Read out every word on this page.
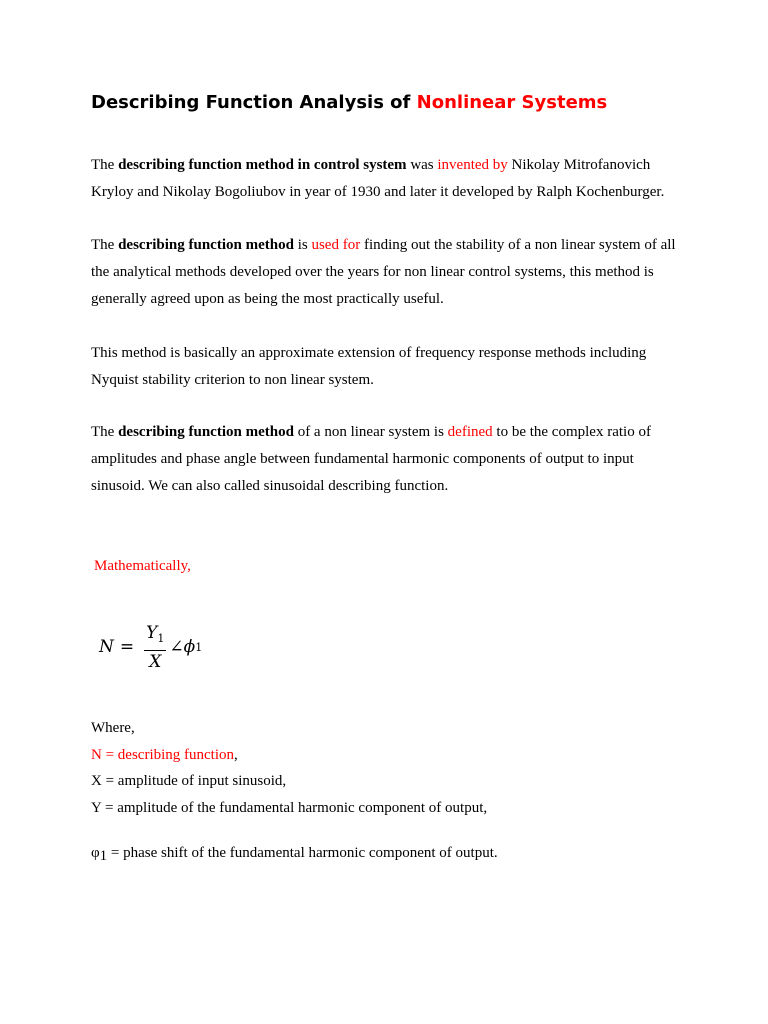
Describing Function Analysis of Nonlinear Systems

The describing function method in control system was invented by Nikolay Mitrofanovich Kryloy and Nikolay Bogoliubov in year of 1930 and later it developed by Ralph Kochenburger.

The describing function method is used for finding out the stability of a non linear system of all the analytical methods developed over the years for non linear control systems, this method is generally agreed upon as being the most practically useful.

This method is basically an approximate extension of frequency response methods including Nyquist stability criterion to non linear system.

The describing function method of a non linear system is defined to be the complex ratio of amplitudes and phase angle between fundamental harmonic components of output to input sinusoid. We can also called sinusoidal describing function.

Mathematically,

$N = \frac{Y_1}{X}$ ∠ ϕ 1
Where,
N = describing function,
X = amplitude of input sinusoid,
Y = amplitude of the fundamental harmonic component of output,

φ1 = phase shift of the fundamental harmonic component of output.
